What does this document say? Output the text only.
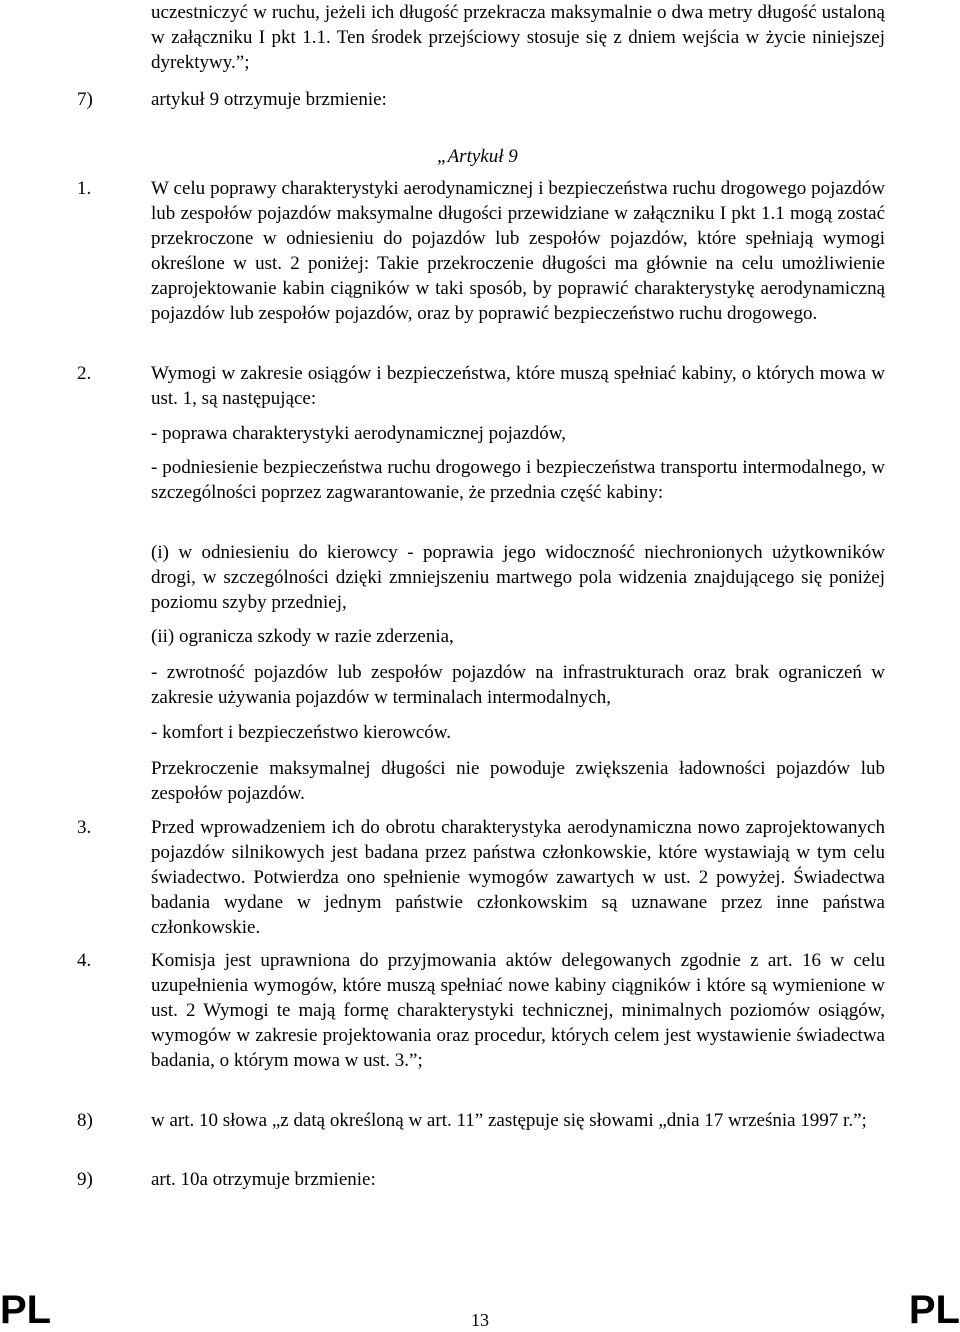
uczestniczyć w ruchu, jeżeli ich długość przekracza maksymalnie o dwa metry długość ustaloną w załączniku I pkt 1.1. Ten środek przejściowy stosuje się z dniem wejścia w życie niniejszej dyrektywy.”;
7)	artykuł 9 otrzymuje brzmienie:
„Artykuł 9
1.	W celu poprawy charakterystyki aerodynamicznej i bezpieczeństwa ruchu drogowego pojazdów lub zespołów pojazdów maksymalne długości przewidziane w załączniku I pkt 1.1 mogą zostać przekroczone w odniesieniu do pojazdów lub zespołów pojazdów, które spełniają wymogi określone w ust. 2 poniżej: Takie przekroczenie długości ma głównie na celu umożliwienie zaprojektowanie kabin ciągników w taki sposób, by poprawić charakterystykę aerodynamiczną pojazdów lub zespołów pojazdów, oraz by poprawić bezpieczeństwo ruchu drogowego.
2.	Wymogi w zakresie osiągów i bezpieczeństwa, które muszą spełniać kabiny, o których mowa w ust. 1, są następujące:
- poprawa charakterystyki aerodynamicznej pojazdów,
- podniesienie bezpieczeństwa ruchu drogowego i bezpieczeństwa transportu intermodalnego, w szczególności poprzez zagwarantowanie, że przednia część kabiny:
(i) w odniesieniu do kierowcy - poprawia jego widoczność niechronionych użytkowników drogi, w szczególności dzięki zmniejszeniu martwego pola widzenia znajdującego się poniżej poziomu szyby przedniej,
(ii) ogranicza szkody w razie zderzenia,
- zwrotność pojazdów lub zespołów pojazdów na infrastrukturach oraz brak ograniczeń w zakresie używania pojazdów w terminalach intermodalnych,
- komfort i bezpieczeństwo kierowców.
Przekroczenie maksymalnej długości nie powoduje zwiększenia ładowności pojazdów lub zespołów pojazdów.
3.	Przed wprowadzeniem ich do obrotu charakterystyka aerodynamiczna nowo zaprojektowanych pojazdów silnikowych jest badana przez państwa członkowskie, które wystawiają w tym celu świadectwo. Potwierdza ono spełnienie wymogów zawartych w ust. 2 powyżej. Świadectwa badania wydane w jednym państwie członkowskim są uznawane przez inne państwa członkowskie.
4.	Komisja jest uprawniona do przyjmowania aktów delegowanych zgodnie z art. 16 w celu uzupełnienia wymogów, które muszą spełniać nowe kabiny ciągników i które są wymienione w ust. 2 Wymogi te mają formę charakterystyki technicznej, minimalnych poziomów osiągów, wymogów w zakresie projektowania oraz procedur, których celem jest wystawienie świadectwa badania, o którym mowa w ust. 3.”;
8)	w art. 10 słowa „z datą określoną w art. 11” zastępuje się słowami „dnia 17 września 1997 r.”;
9)	art. 10a otrzymuje brzmienie:
PL	13	PL
